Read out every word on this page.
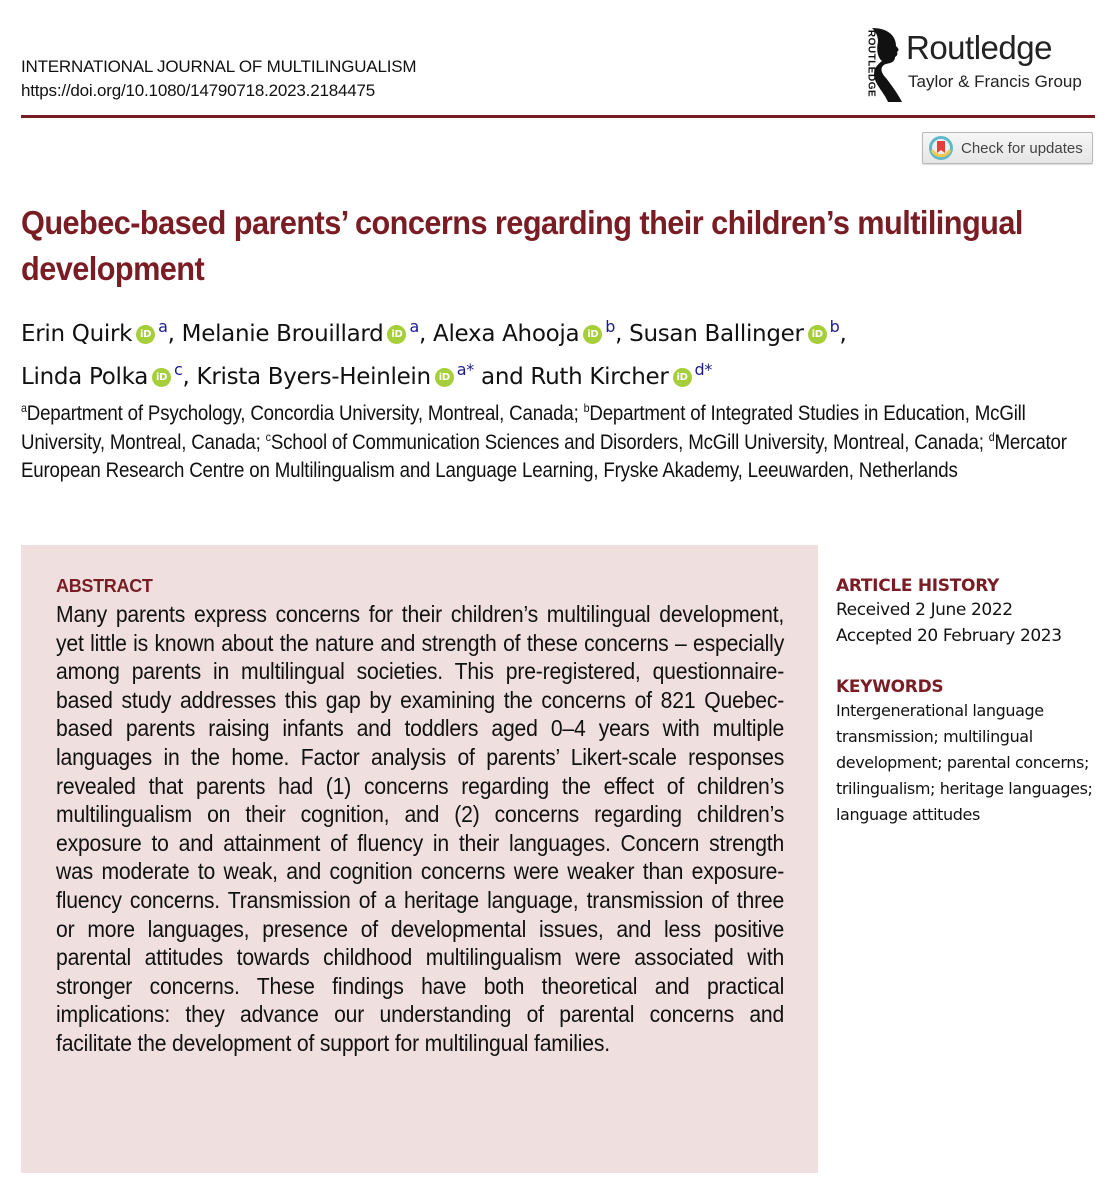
INTERNATIONAL JOURNAL OF MULTILINGUALISM
https://doi.org/10.1080/14790718.2023.2184475	ROUTLEDGE Routledge
Taylor & Francis Group
Check for updates
Quebec-based parents’ concerns regarding their children’s multilingual development
Erin Quirk iD $^a$, Melanie Brouillard iD $^a$, Alexa Ahooja iD $^b$, Susan Ballinger iD $^b$,
Linda Polka iD $^c$, Krista Byers-Heinlein iD $^{a*}$ and Ruth Kircher iD $^{d*}$
$^a$Department of Psychology, Concordia University, Montreal, Canada; $^b$Department of Integrated Studies in Education, McGill University, Montreal, Canada; $^c$School of Communication Sciences and Disorders, McGill University, Montreal, Canada; $^d$Mercator European Research Centre on Multilingualism and Language Learning, Fryske Akademy, Leeuwarden, Netherlands
ABSTRACT
Many parents express concerns for their children’s multilingual development, yet little is known about the nature and strength of these concerns – especially among parents in multilingual societies. This pre-registered, questionnaire-based study addresses this gap by examining the concerns of 821 Quebec-based parents raising infants and toddlers aged 0–4 years with multiple languages in the home. Factor analysis of parents’ Likert-scale responses revealed that parents had (1) concerns regarding the effect of children’s multilingualism on their cognition, and (2) concerns regarding children’s exposure to and attainment of fluency in their languages. Concern strength was moderate to weak, and cognition concerns were weaker than exposure-fluency concerns. Transmission of a heritage language, transmission of three or more languages, presence of developmental issues, and less positive parental attitudes towards childhood multilingualism were associated with stronger concerns. These findings have both theoretical and practical implications: they advance our understanding of parental concerns and facilitate the development of support for multilingual families.
ARTICLE HISTORY
Received 2 June 2022
Accepted 20 February 2023
KEYWORDS
Intergenerational language transmission; multilingual development; parental concerns; trilingualism; heritage languages; language attitudes
